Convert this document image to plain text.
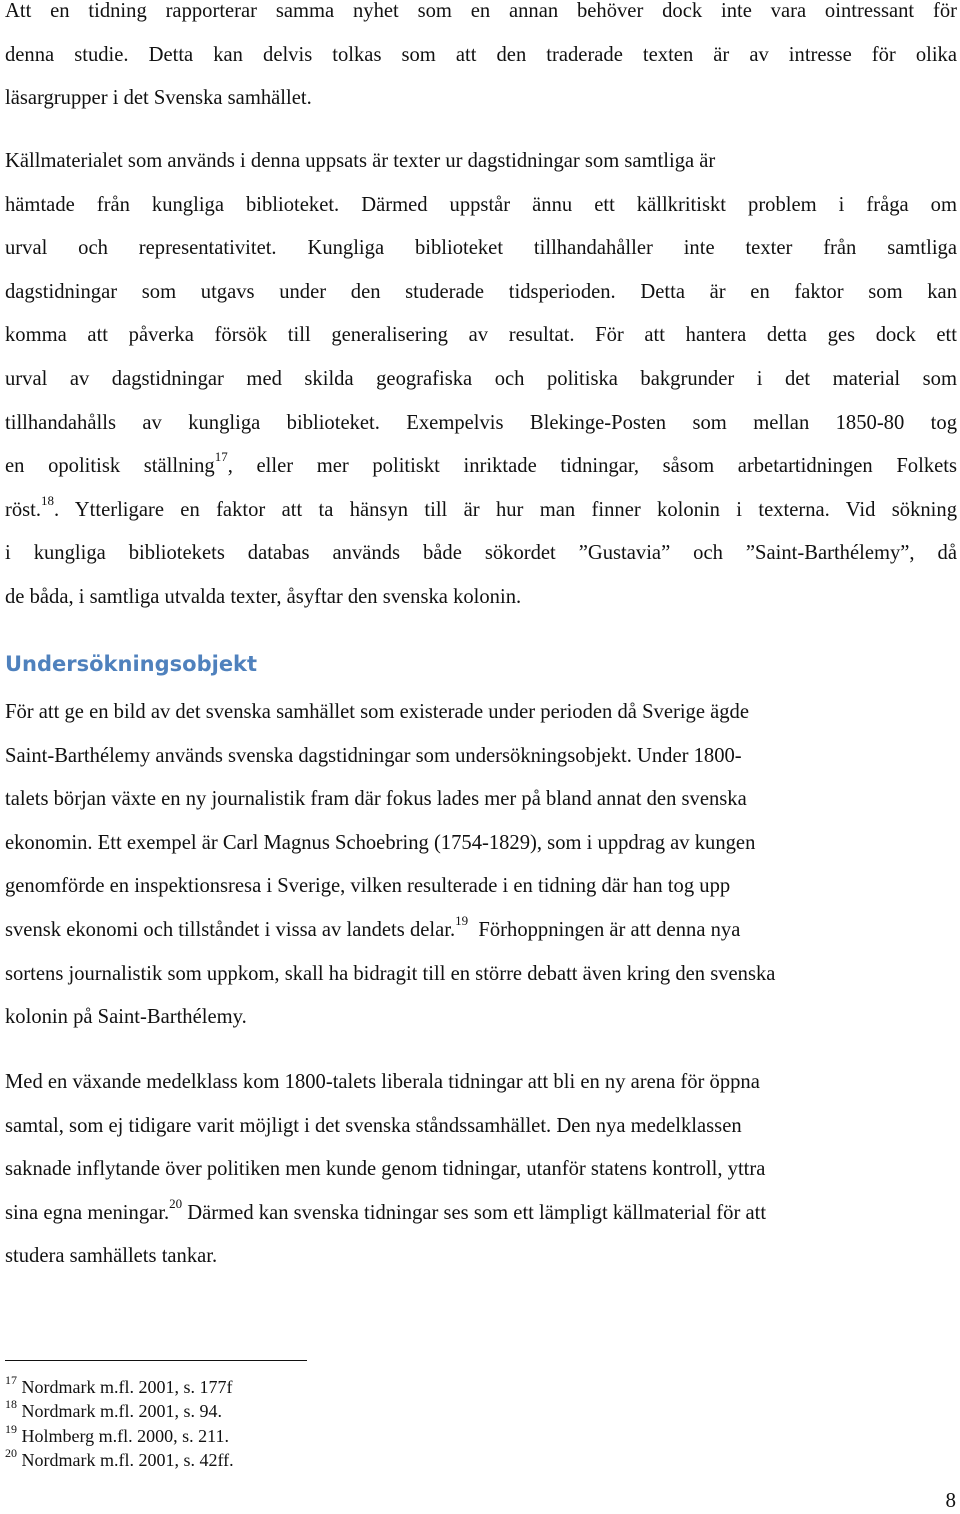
Att en tidning rapporterar samma nyhet som en annan behöver dock inte vara ointressant för
denna studie. Detta kan delvis tolkas som att den traderade texten är av intresse för olika
läsargrupper i det Svenska samhället.

Källmaterialet som används i denna uppsats är texter ur dagstidningar som samtliga är
hämtade från kungliga biblioteket. Därmed uppstår ännu ett källkritiskt problem i fråga om
urval och representativitet. Kungliga biblioteket tillhandahåller inte texter från samtliga
dagstidningar som utgavs under den studerade tidsperioden. Detta är en faktor som kan
komma att påverka försök till generalisering av resultat. För att hantera detta ges dock ett
urval av dagstidningar med skilda geografiska och politiska bakgrunder i det material som
tillhandahålls av kungliga biblioteket. Exempelvis Blekinge-Posten som mellan 1850-80 tog
en opolitisk ställning$^{17}$, eller mer politiskt inriktade tidningar, såsom arbetartidningen Folkets
röst.$^{18}$. Ytterligare en faktor att ta hänsyn till är hur man finner kolonin i texterna. Vid sökning
i kungliga bibliotekets databas används både sökordet ”Gustavia” och ”Saint-Barthélemy”, då
de båda, i samtliga utvalda texter, åsyftar den svenska kolonin.

Undersökningsobjekt

För att ge en bild av det svenska samhället som existerade under perioden då Sverige ägde
Saint-Barthélemy används svenska dagstidningar som undersökningsobjekt. Under 1800-
talets början växte en ny journalistik fram där fokus lades mer på bland annat den svenska
ekonomin. Ett exempel är Carl Magnus Schoebring (1754-1829), som i uppdrag av kungen
genomförde en inspektionsresa i Sverige, vilken resulterade i en tidning där han tog upp
svensk ekonomi och tillståndet i vissa av landets delar.$^{19}$ Förhoppningen är att denna nya
sortens journalistik som uppkom, skall ha bidragit till en större debatt även kring den svenska
kolonin på Saint-Barthélemy.

Med en växande medelklass kom 1800-talets liberala tidningar att bli en ny arena för öppna
samtal, som ej tidigare varit möjligt i det svenska ståndssamhället. Den nya medelklassen
saknade inflytande över politiken men kunde genom tidningar, utanför statens kontroll, yttra
sina egna meningar.$^{20}$ Därmed kan svenska tidningar ses som ett lämpligt källmaterial för att
studera samhällets tankar.

$^{17}$ Nordmark m.fl. 2001, s. 177f
$^{18}$ Nordmark m.fl. 2001, s. 94.
$^{19}$ Holmberg m.fl. 2000, s. 211.
$^{20}$ Nordmark m.fl. 2001, s. 42ff.
8
